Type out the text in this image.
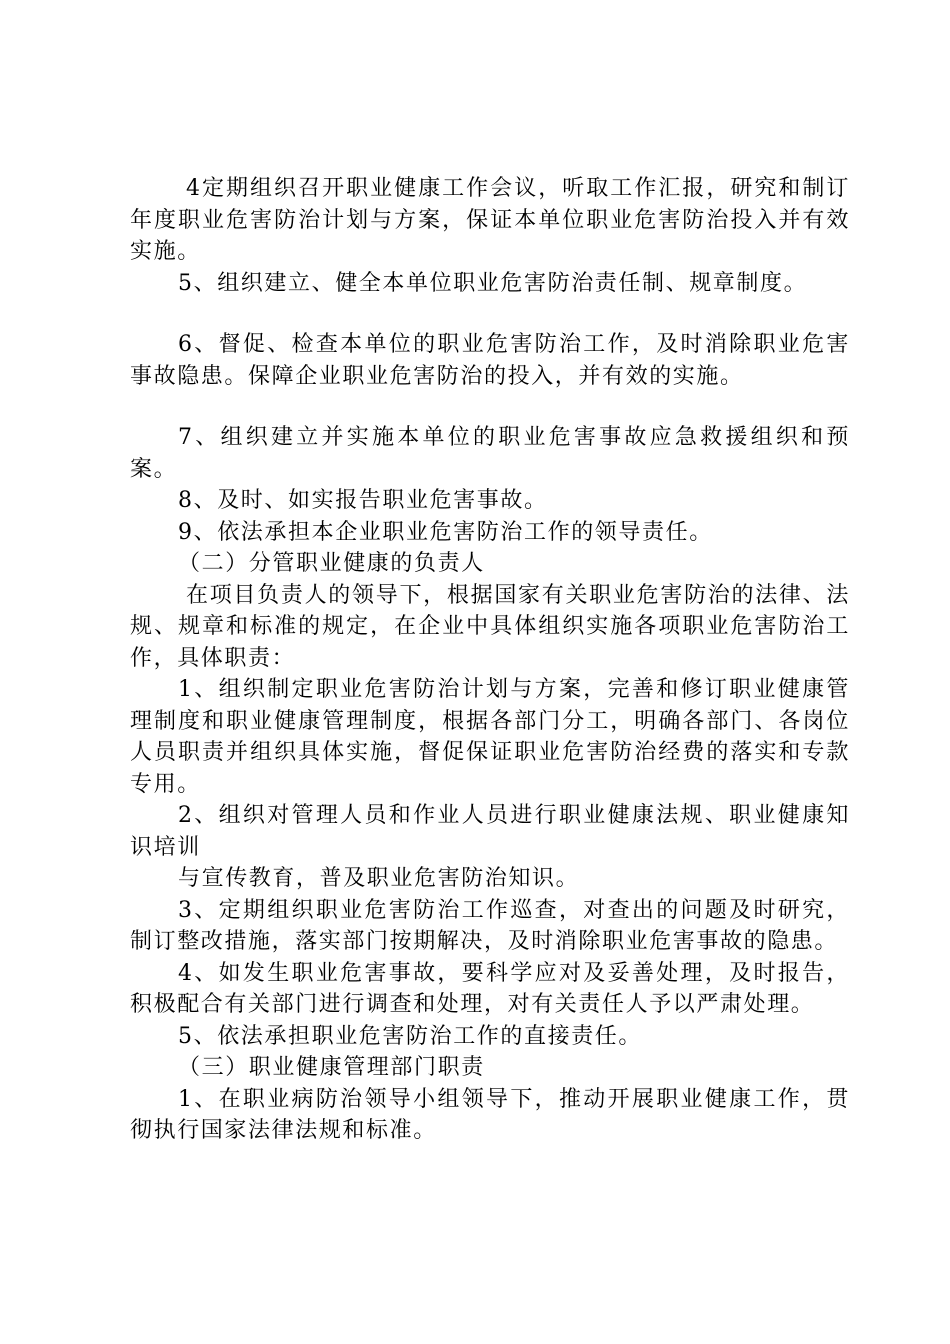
4定期组织召开职业健康工作会议，听取工作汇报，研究和制订年度职业危害防治计划与方案，保证本单位职业危害防治投入并有效实施。

5、组织建立、健全本单位职业危害防治责任制、规章制度。

6、督促、检查本单位的职业危害防治工作，及时消除职业危害事故隐患。保障企业职业危害防治的投入，并有效的实施。

7、组织建立并实施本单位的职业危害事故应急救援组织和预案。

8、及时、如实报告职业危害事故。

9、依法承担本企业职业危害防治工作的领导责任。

（二）分管职业健康的负责人

在项目负责人的领导下，根据国家有关职业危害防治的法律、法规、规章和标准的规定，在企业中具体组织实施各项职业危害防治工作，具体职责：

1、组织制定职业危害防治计划与方案，完善和修订职业健康管理制度和职业健康管理制度，根据各部门分工，明确各部门、各岗位人员职责并组织具体实施，督促保证职业危害防治经费的落实和专款专用。

2、组织对管理人员和作业人员进行职业健康法规、职业健康知识培训

与宣传教育，普及职业危害防治知识。

3、定期组织职业危害防治工作巡查，对查出的问题及时研究，制订整改措施，落实部门按期解决，及时消除职业危害事故的隐患。

4、如发生职业危害事故，要科学应对及妥善处理，及时报告，积极配合有关部门进行调查和处理，对有关责任人予以严肃处理。

5、依法承担职业危害防治工作的直接责任。

（三）职业健康管理部门职责

1、在职业病防治领导小组领导下，推动开展职业健康工作，贯彻执行国家法律法规和标准。
